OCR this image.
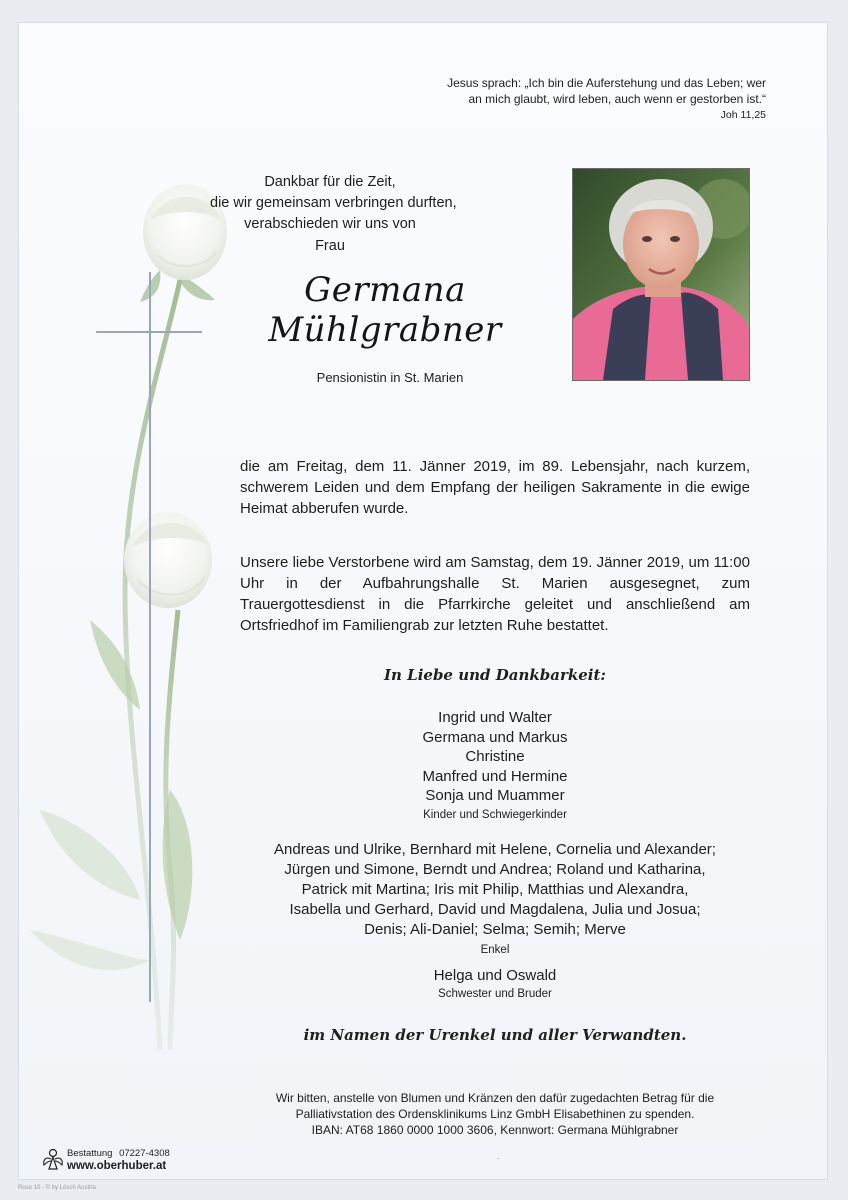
Jesus sprach: „Ich bin die Auferstehung und das Leben; wer
an mich glaubt, wird leben, auch wenn er gestorben ist.“
Joh 11,25
Dankbar für die Zeit,
die wir gemeinsam verbringen durften,
verabschieden wir uns von
Frau
Germana
Mühlgrabner
Pensionistin in St. Marien
die am Freitag, dem 11. Jänner 2019, im 89. Lebensjahr, nach kurzem, schwerem Leiden und dem Empfang der heiligen Sakramente in die ewige Heimat abberufen wurde.
Unsere liebe Verstorbene wird am Samstag, dem 19. Jänner 2019, um 11:00 Uhr in der Aufbahrungshalle St. Marien ausgesegnet, zum Trauergottesdienst in die Pfarrkirche geleitet und anschließend am Ortsfriedhof im Familiengrab zur letzten Ruhe bestattet.
In Liebe und Dankbarkeit:
Ingrid und Walter
Germana und Markus
Christine
Manfred und Hermine
Sonja und Muammer
Kinder und Schwiegerkinder
Andreas und Ulrike, Bernhard mit Helene, Cornelia und Alexander;
Jürgen und Simone, Berndt und Andrea; Roland und Katharina,
Patrick mit Martina; Iris mit Philip, Matthias und Alexandra,
Isabella und Gerhard, David und Magdalena, Julia und Josua;
Denis; Ali-Daniel; Selma; Semih; Merve
Enkel
Helga und Oswald
Schwester und Bruder
im Namen der Urenkel und aller Verwandten.
Wir bitten, anstelle von Blumen und Kränzen den dafür zugedachten Betrag für die
Palliativstation des Ordensklinikums Linz GmbH Elisabethinen zu spenden.
IBAN: AT68 1860 0000 1000 3606, Kennwort: Germana Mühlgrabner
Bestattung 07227-4308
www.oberhuber.at
·
Rose 10 - © by Lösch Austria
